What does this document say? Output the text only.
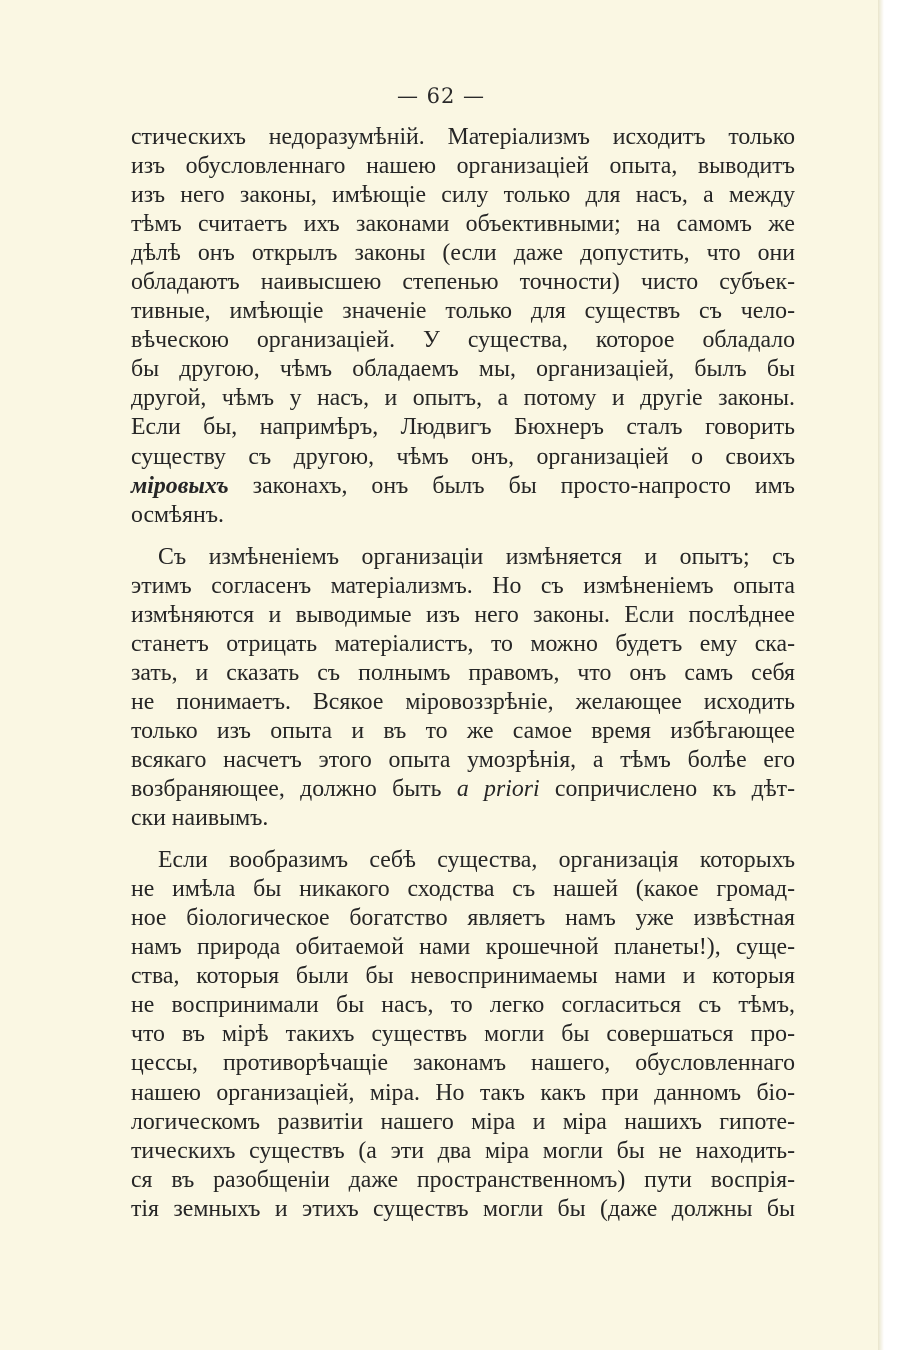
— 62 —
стическихъ недоразумѣній. Матеріализмъ исходитъ только
изъ обусловленнаго нашею организаціей опыта, выводитъ
изъ него законы, имѣющіе силу только для насъ, а между
тѣмъ считаетъ ихъ законами объективными; на самомъ же
дѣлѣ онъ открылъ законы (если даже допустить, что они
обладаютъ наивысшею степенью точности) чисто субъек-
тивные, имѣющіе значеніе только для существъ съ чело-
вѣческою организаціей. У существа, которое обладало
бы другою, чѣмъ обладаемъ мы, организаціей, былъ бы
другой, чѣмъ у насъ, и опытъ, а потому и другіе законы.
Если бы, напримѣръ, Людвигъ Бюхнеръ сталъ говорить
существу съ другою, чѣмъ онъ, организаціей о своихъ
міровыхъ законахъ, онъ былъ бы просто-напросто имъ
осмѣянъ.
Съ измѣненіемъ организаціи измѣняется и опытъ; съ
этимъ согласенъ матеріализмъ. Но съ измѣненіемъ опыта
измѣняются и выводимые изъ него законы. Если послѣднее
станетъ отрицать матеріалистъ, то можно будетъ ему ска-
зать, и сказать съ полнымъ правомъ, что онъ самъ себя
не понимаетъ. Всякое міровоззрѣніе, желающее исходить
только изъ опыта и въ то же самое время избѣгающее
всякаго насчетъ этого опыта умозрѣнія, а тѣмъ болѣе его
возбраняющее, должно быть a priori сопричислено къ дѣт-
ски наивымъ.
Если вообразимъ себѣ существа, организація которыхъ
не имѣла бы никакого сходства съ нашей (какое громад-
ное біологическое богатство являетъ намъ уже извѣстная
намъ природа обитаемой нами крошечной планеты!), суще-
ства, которыя были бы невоспринимаемы нами и которыя
не воспринимали бы насъ, то легко согласиться съ тѣмъ,
что въ мірѣ такихъ существъ могли бы совершаться про-
цессы, противорѣчащіе законамъ нашего, обусловленнаго
нашею организаціей, міра. Но такъ какъ при данномъ біо-
логическомъ развитіи нашего міра и міра нашихъ гипоте-
тическихъ существъ (а эти два міра могли бы не находить-
ся въ разобщеніи даже пространственномъ) пути воспрія-
тія земныхъ и этихъ существъ могли бы (даже должны бы
